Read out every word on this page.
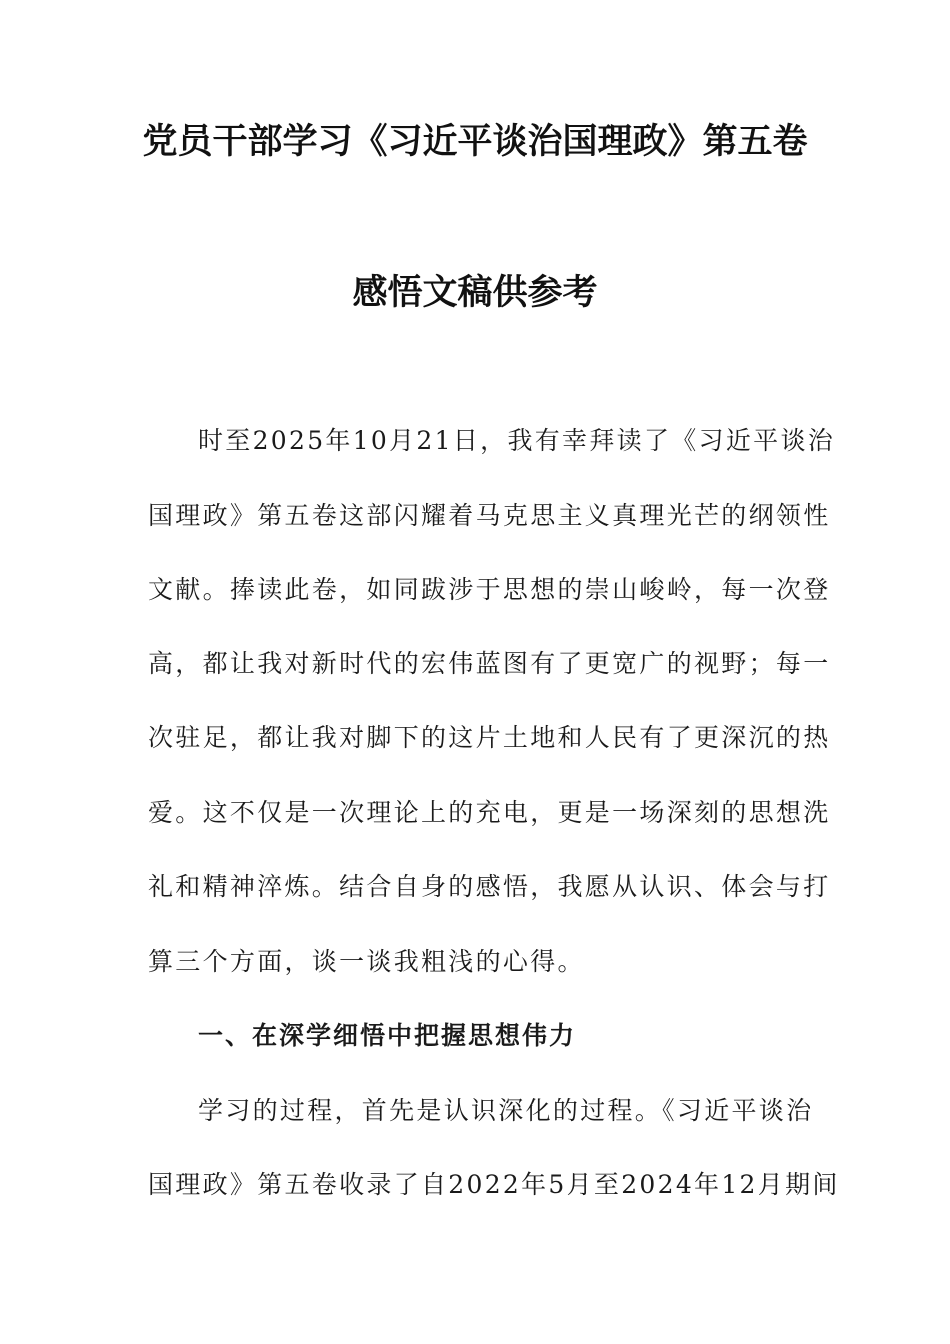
党员干部学习《习近平谈治国理政》第五卷
感悟文稿供参考
时至2025年10月21日，我有幸拜读了《习近平谈治
国理政》第五卷这部闪耀着马克思主义真理光芒的纲领性
文献。捧读此卷，如同跋涉于思想的崇山峻岭，每一次登
高，都让我对新时代的宏伟蓝图有了更宽广的视野；每一
次驻足，都让我对脚下的这片土地和人民有了更深沉的热
爱。这不仅是一次理论上的充电，更是一场深刻的思想洗
礼和精神淬炼。结合自身的感悟，我愿从认识、体会与打
算三个方面，谈一谈我粗浅的心得。
一、在深学细悟中把握思想伟力
学习的过程，首先是认识深化的过程。《习近平谈治
国理政》第五卷收录了自2022年5月至2024年12月期间
